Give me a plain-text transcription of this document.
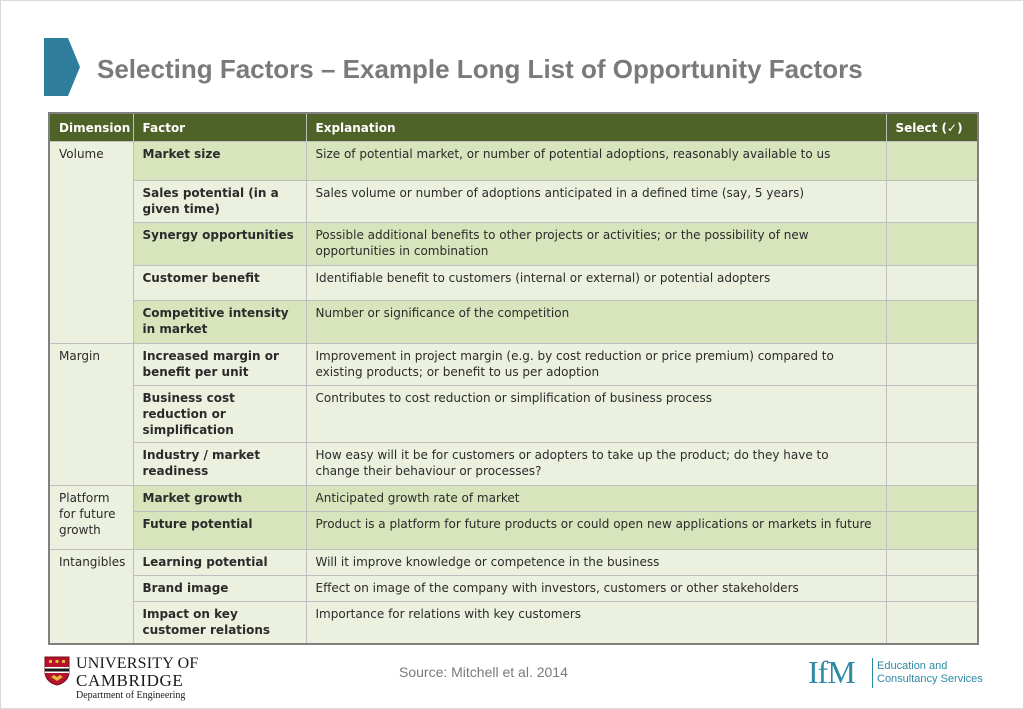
Selecting Factors – Example Long List of Opportunity Factors
Dimension	Factor	Explanation	Select (✓)
Volume	Market size	Size of potential market, or number of potential adoptions, reasonably available to us	
	Sales potential (in a given time)	Sales volume or number of adoptions anticipated in a defined time (say, 5 years)	
	Synergy opportunities	Possible additional benefits to other projects or activities; or the possibility of new opportunities in combination	
	Customer benefit	Identifiable benefit to customers (internal or external) or potential adopters	
	Competitive intensity in market	Number or significance of the competition	
Margin	Increased margin or benefit per unit	Improvement in project margin (e.g. by cost reduction or price premium) compared to existing products; or benefit to us per adoption	
	Business cost reduction or simplification	Contributes to cost reduction or simplification of business process	
	Industry / market readiness	How easy will it be for customers or adopters to take up the product; do they have to change their behaviour or processes?	
Platform for future growth	Market growth	Anticipated growth rate of market	
	Future potential	Product is a platform for future products or could open new applications or markets in future	
Intangibles	Learning potential	Will it improve knowledge or competence in the business	
	Brand image	Effect on image of the company with investors, customers or other stakeholders	
	Impact on key customer relations	Importance for relations with key customers	
UNIVERSITY OF
CAMBRIDGE
Department of Engineering
Source: Mitchell et al. 2014	IfM Education and
Consultancy Services
